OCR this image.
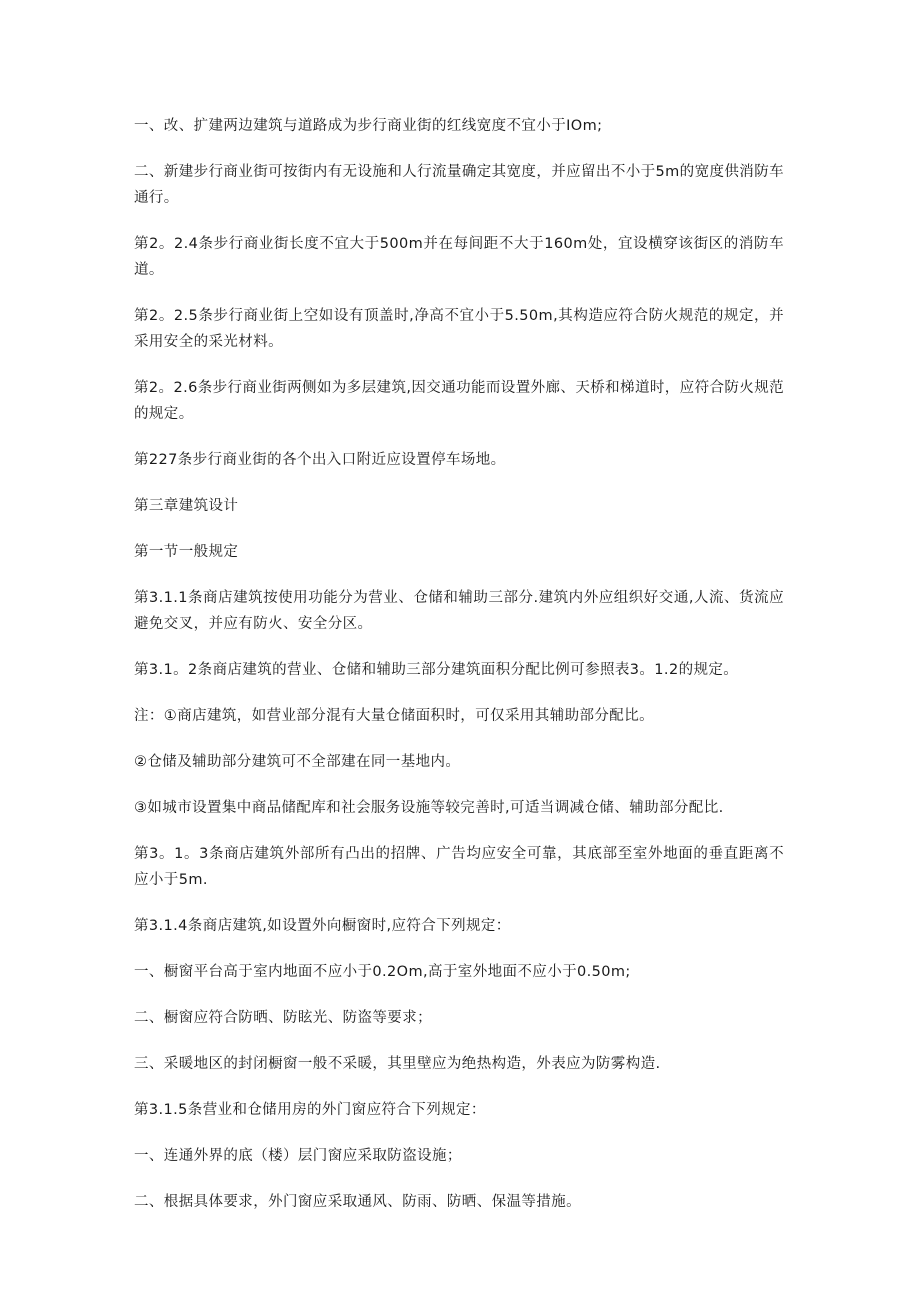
一、改、扩建两边建筑与道路成为步行商业街的红线宽度不宜小于IOm;

二、新建步行商业街可按街内有无设施和人行流量确定其宽度，并应留出不小于5m的宽度供消防车通行。

第2。2.4条步行商业街长度不宜大于500m并在每间距不大于160m处，宜设横穿该街区的消防车道。

第2。2.5条步行商业街上空如设有顶盖时,净高不宜小于5.50m,其构造应符合防火规范的规定，并采用安全的采光材料。

第2。2.6条步行商业街两侧如为多层建筑,因交通功能而设置外廊、天桥和梯道时，应符合防火规范的规定。

第227条步行商业街的各个出入口附近应设置停车场地。

第三章建筑设计

第一节一般规定

第3.1.1条商店建筑按使用功能分为营业、仓储和辅助三部分.建筑内外应组织好交通,人流、货流应避免交叉，并应有防火、安全分区。

第3.1。2条商店建筑的营业、仓储和辅助三部分建筑面积分配比例可参照表3。1.2的规定。

注：①商店建筑，如营业部分混有大量仓储面积时，可仅采用其辅助部分配比。

②仓储及辅助部分建筑可不全部建在同一基地内。

③如城市设置集中商品储配库和社会服务设施等较完善时,可适当调减仓储、辅助部分配比.

第3。1。3条商店建筑外部所有凸出的招牌、广告均应安全可靠，其底部至室外地面的垂直距离不应小于5m.

第3.1.4条商店建筑,如设置外向橱窗时,应符合下列规定：

一、橱窗平台高于室内地面不应小于0.2Om,高于室外地面不应小于0.50m;

二、橱窗应符合防晒、防眩光、防盗等要求；

三、采暖地区的封闭橱窗一般不采暖，其里壁应为绝热构造，外表应为防雾构造.

第3.1.5条营业和仓储用房的外门窗应符合下列规定：

一、连通外界的底（楼）层门窗应采取防盗设施；

二、根据具体要求，外门窗应采取通风、防雨、防晒、保温等措施。
